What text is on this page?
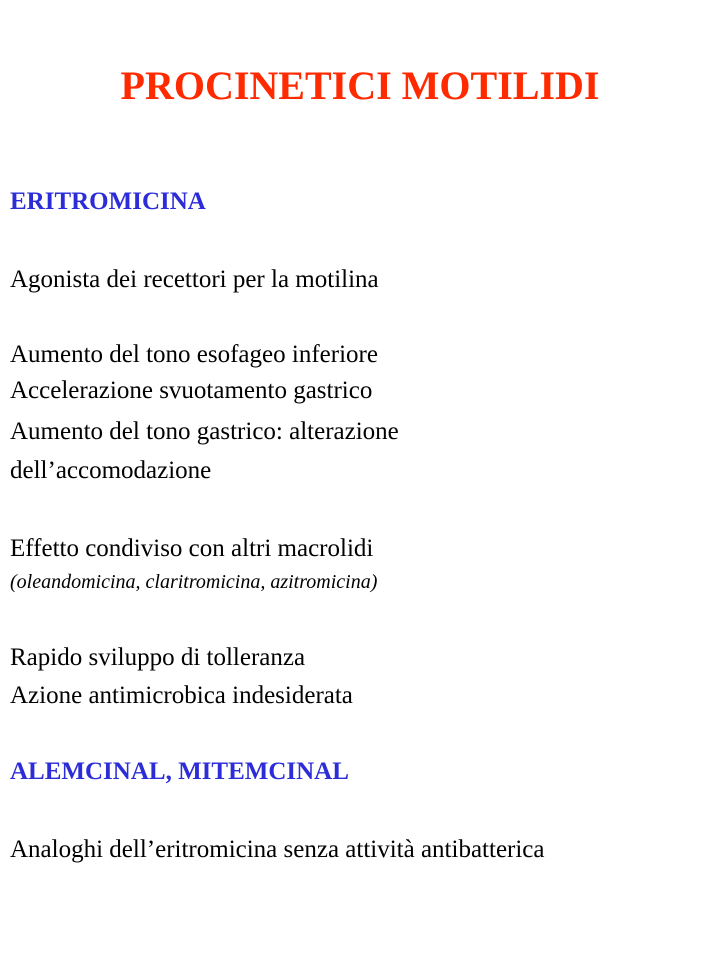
PROCINETICI MOTILIDI
ERITROMICINA
Agonista dei recettori per la motilina
Aumento del tono esofageo inferiore
Accelerazione svuotamento gastrico
Aumento del tono gastrico: alterazione
dell’accomodazione
Effetto condiviso con altri macrolidi
(oleandomicina, claritromicina, azitromicina)
Rapido sviluppo di tolleranza
Azione antimicrobica indesiderata
ALEMCINAL, MITEMCINAL
Analoghi dell’eritromicina senza attività antibatterica
